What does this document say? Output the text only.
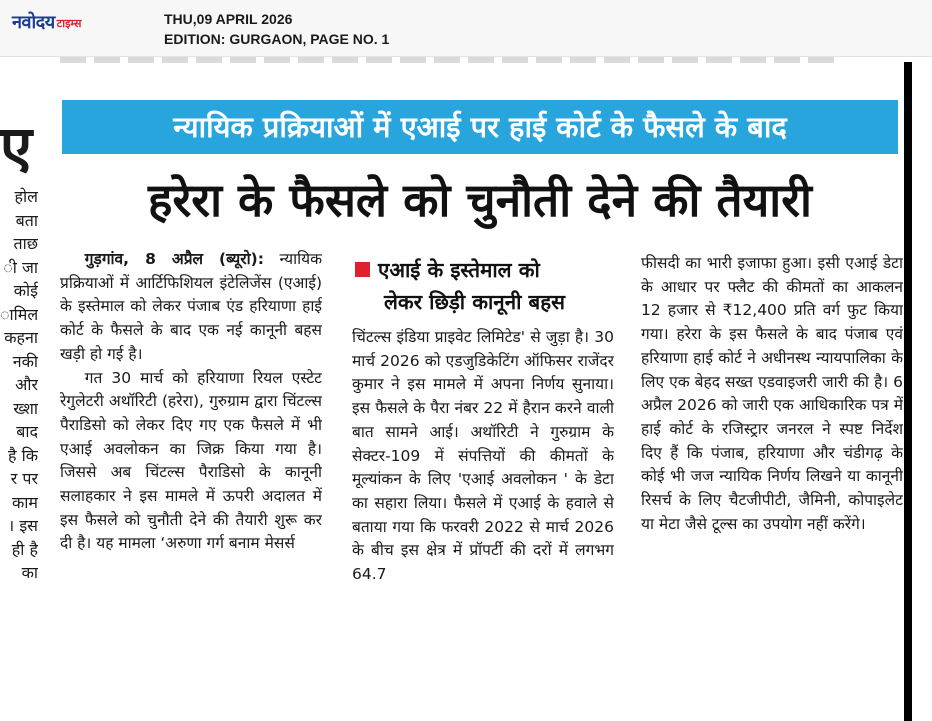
नवोदय टाइम्स	THU,09 APRIL 2026
EDITION: GURGAON, PAGE NO. 1
ए
होल
बता
ताछ
ी जा
कोई
ामिल
कहना
नकी
और
ख्शा
बाद
है कि
र पर
काम
। इस
ही है
का
न्यायिक प्रक्रियाओं में एआई पर हाई कोर्ट के फैसले के बाद
हरेरा के फैसले को चुनौती देने की तैयारी

गुड़गांव, 8 अप्रैल (ब्यूरो): न्यायिक प्रक्रियाओं में आर्टिफिशियल इंटेलिजेंस (एआई) के इस्तेमाल को लेकर पंजाब एंड हरियाणा हाई कोर्ट के फैसले के बाद एक नई कानूनी बहस खड़ी हो गई है।

गत 30 मार्च को हरियाणा रियल एस्टेट रेगुलेटरी अथॉरिटी (हरेरा), गुरुग्राम द्वारा चिंटल्स पैराडिसो को लेकर दिए गए एक फैसले में भी एआई अवलोकन का जिक्र किया गया है। जिससे अब चिंटल्स पैराडिसो के कानूनी सलाहकार ने इस मामले में ऊपरी अदालत में इस फैसले को चुनौती देने की तैयारी शुरू कर दी है। यह मामला ‘अरुणा गर्ग बनाम मेसर्स

एआई के इस्तेमाल को
लेकर छिड़ी कानूनी बहस

चिंटल्स इंडिया प्राइवेट लिमिटेड' से जुड़ा है। 30 मार्च 2026 को एडजुडिकेटिंग ऑफिसर राजेंदर कुमार ने इस मामले में अपना निर्णय सुनाया। इस फैसले के पैरा नंबर 22 में हैरान करने वाली बात सामने आई। अथॉरिटी ने गुरुग्राम के सेक्टर-109 में संपत्तियों की कीमतों के मूल्यांकन के लिए 'एआई अवलोकन ' के डेटा का सहारा लिया। फैसले में एआई के हवाले से बताया गया कि फरवरी 2022 से मार्च 2026 के बीच इस क्षेत्र में प्रॉपर्टी की दरों में लगभग 64.7

फीसदी का भारी इजाफा हुआ। इसी एआई डेटा के आधार पर फ्लैट की कीमतों का आकलन 12 हजार से ₹12,400 प्रति वर्ग फुट किया गया। हरेरा के इस फैसले के बाद पंजाब एवं हरियाणा हाई कोर्ट ने अधीनस्थ न्यायपालिका के लिए एक बेहद सख्त एडवाइजरी जारी की है। 6 अप्रैल 2026 को जारी एक आधिकारिक पत्र में हाई कोर्ट के रजिस्ट्रार जनरल ने स्पष्ट निर्देश दिए हैं कि पंजाब, हरियाणा और चंडीगढ़ के कोई भी जज न्यायिक निर्णय लिखने या कानूनी रिसर्च के लिए चैटजीपीटी, जैमिनी, कोपाइलेट या मेटा जैसे टूल्स का उपयोग नहीं करेंगे।
